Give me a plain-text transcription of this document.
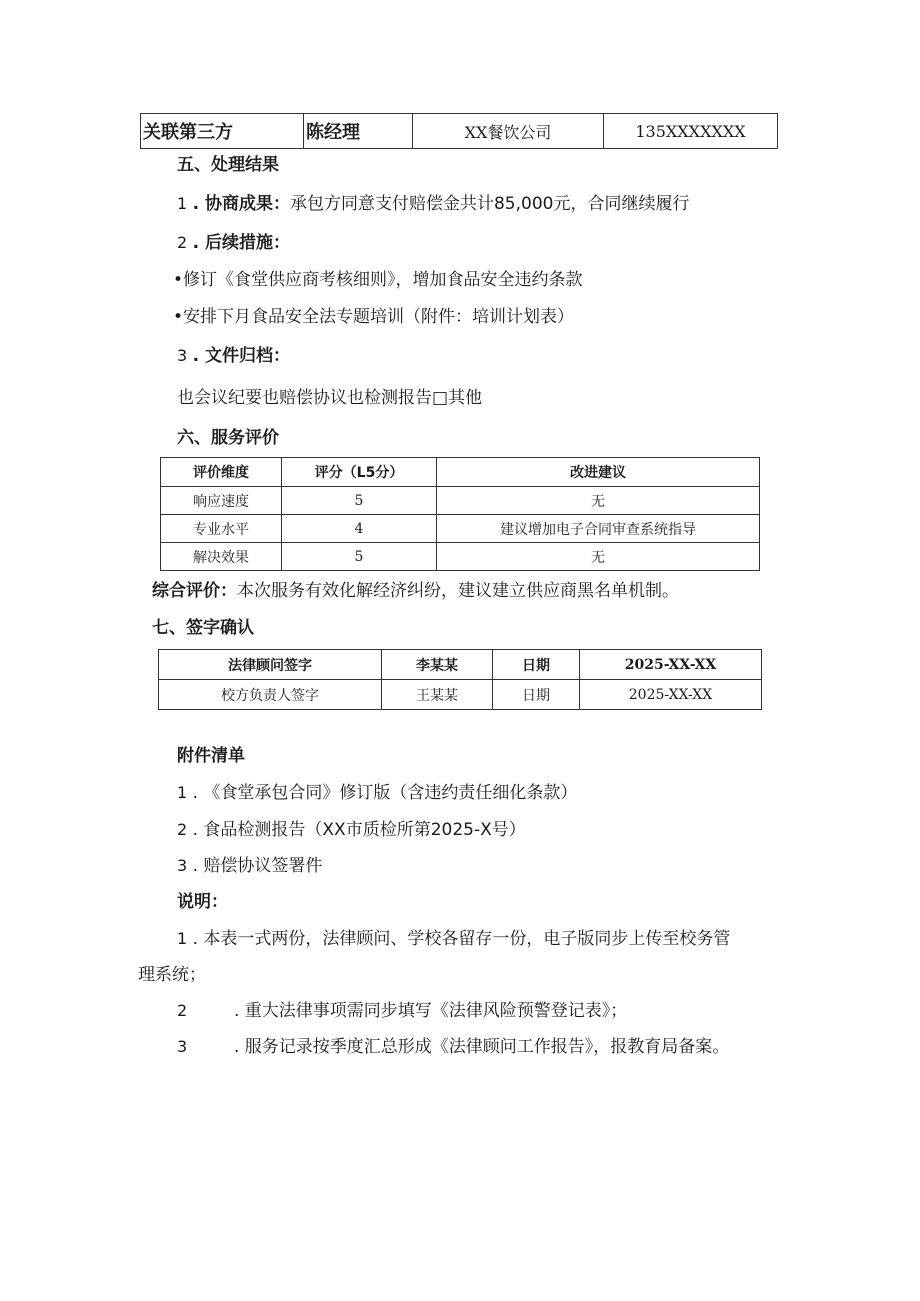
关联第三方	陈经理	XX餐饮公司	135XXXXXXX
五、处理结果
1 . 协商成果：承包方同意支付赔偿金共计85,000元，合同继续履行
2 . 后续措施：
•修订《食堂供应商考核细则》，增加食品安全违约条款
•安排下月食品安全法专题培训（附件：培训计划表）
3 . 文件归档：
也会议纪要也赔偿协议也检测报告□其他
六、服务评价
评价维度	评分（L5分）	改进建议
响应速度	5	无
专业水平	4	建议增加电子合同审查系统指导
解决效果	5	无
综合评价：本次服务有效化解经济纠纷，建议建立供应商黑名单机制。
七、签字确认
法律顾问签字	李某某	日期	2025-XX-XX
校方负责人签字	王某某	日期	2025-XX-XX
附件清单
1 . 《食堂承包合同》修订版（含违约责任细化条款）
2 . 食品检测报告（XX市质检所第2025-X号）
3 . 赔偿协议签署件
说明：
1 . 本表一式两份，法律顾问、学校各留存一份，电子版同步上传至校务管
理系统；
2	. 重大法律事项需同步填写《法律风险预警登记表》；
3	. 服务记录按季度汇总形成《法律顾问工作报告》，报教育局备案。
